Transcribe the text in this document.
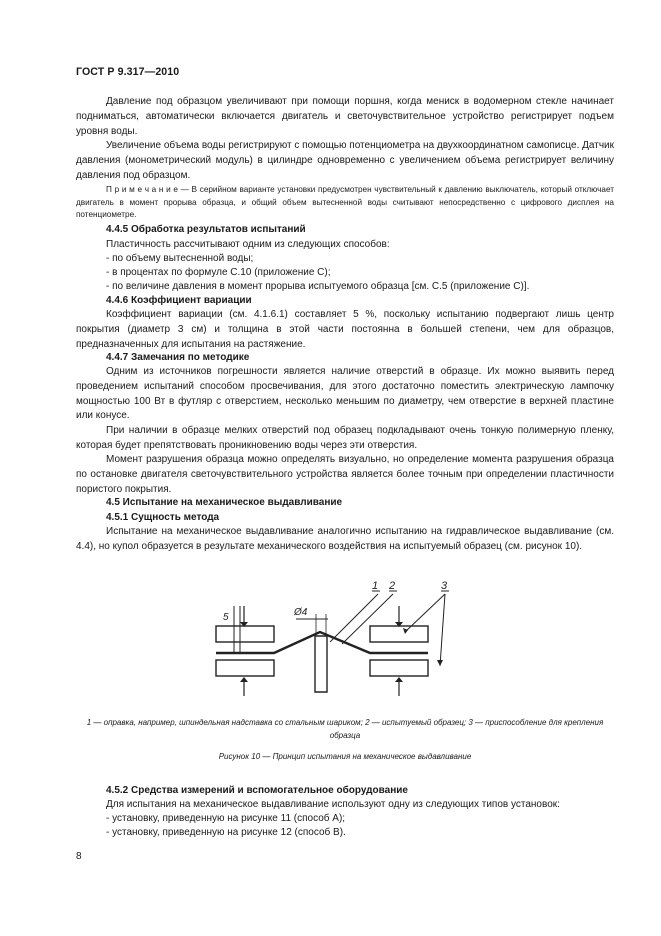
ГОСТ Р 9.317—2010

Давление под образцом увеличивают при помощи поршня, когда мениск в водомерном стекле начинает подниматься, автоматически включается двигатель и светочувствительное устройство регистрирует подъем уровня воды.

Увеличение объема воды регистрируют с помощью потенциометра на двухкоординатном самописце. Датчик давления (монометрический модуль) в цилиндре одновременно с увеличением объема регистрирует величину давления под образцом.

П р и м е ч а н и е — В серийном варианте установки предусмотрен чувствительный к давлению выключатель, который отключает двигатель в момент прорыва образца, и общий объем вытесненной воды считывают непосредственно с цифрового дисплея на потенциометре.

4.4.5 Обработка результатов испытаний

Пластичность рассчитывают одним из следующих способов:

- по объему вытесненной воды;

- в процентах по формуле С.10 (приложение С);

- по величине давления в момент прорыва испытуемого образца [см. С.5 (приложение С)].

4.4.6 Коэффициент вариации

Коэффициент вариации (см. 4.1.6.1) составляет 5 %, поскольку испытанию подвергают лишь центр покрытия (диаметр 3 см) и толщина в этой части постоянна в большей степени, чем для образцов, предназначенных для испытания на растяжение.

4.4.7 Замечания по методике

Одним из источников погрешности является наличие отверстий в образце. Их можно выявить перед проведением испытаний способом просвечивания, для этого достаточно поместить электрическую лампочку мощностью 100 Вт в футляр с отверстием, несколько меньшим по диаметру, чем отверстие в верхней пластине или конусе.

При наличии в образце мелких отверстий под образец подкладывают очень тонкую полимерную пленку, которая будет препятствовать проникновению воды через эти отверстия.

Момент разрушения образца можно определять визуально, но определение момента разрушения образца по остановке двигателя светочувствительного устройства является более точным при определении пластичности пористого покрытия.

4.5 Испытание на механическое выдавливание

4.5.1 Сущность метода

Испытание на механическое выдавливание аналогично испытанию на гидравлическое выдавливание (см. 4.4), но купол образуется в результате механического воздействия на испытуемый образец (см. рисунок 10).

1 2	3
5	Ø4

1 — оправка, например, шпиндельная надставка со стальным шариком; 2 — испытуемый образец; 3 — приспособление для крепления образца

Рисунок 10 — Принцип испытания на механическое выдавливание

4.5.2 Средства измерений и вспомогательное оборудование

Для испытания на механическое выдавливание используют одну из следующих типов установок:

- установку, приведенную на рисунке 11 (способ А);

- установку, приведенную на рисунке 12 (способ В).

8
